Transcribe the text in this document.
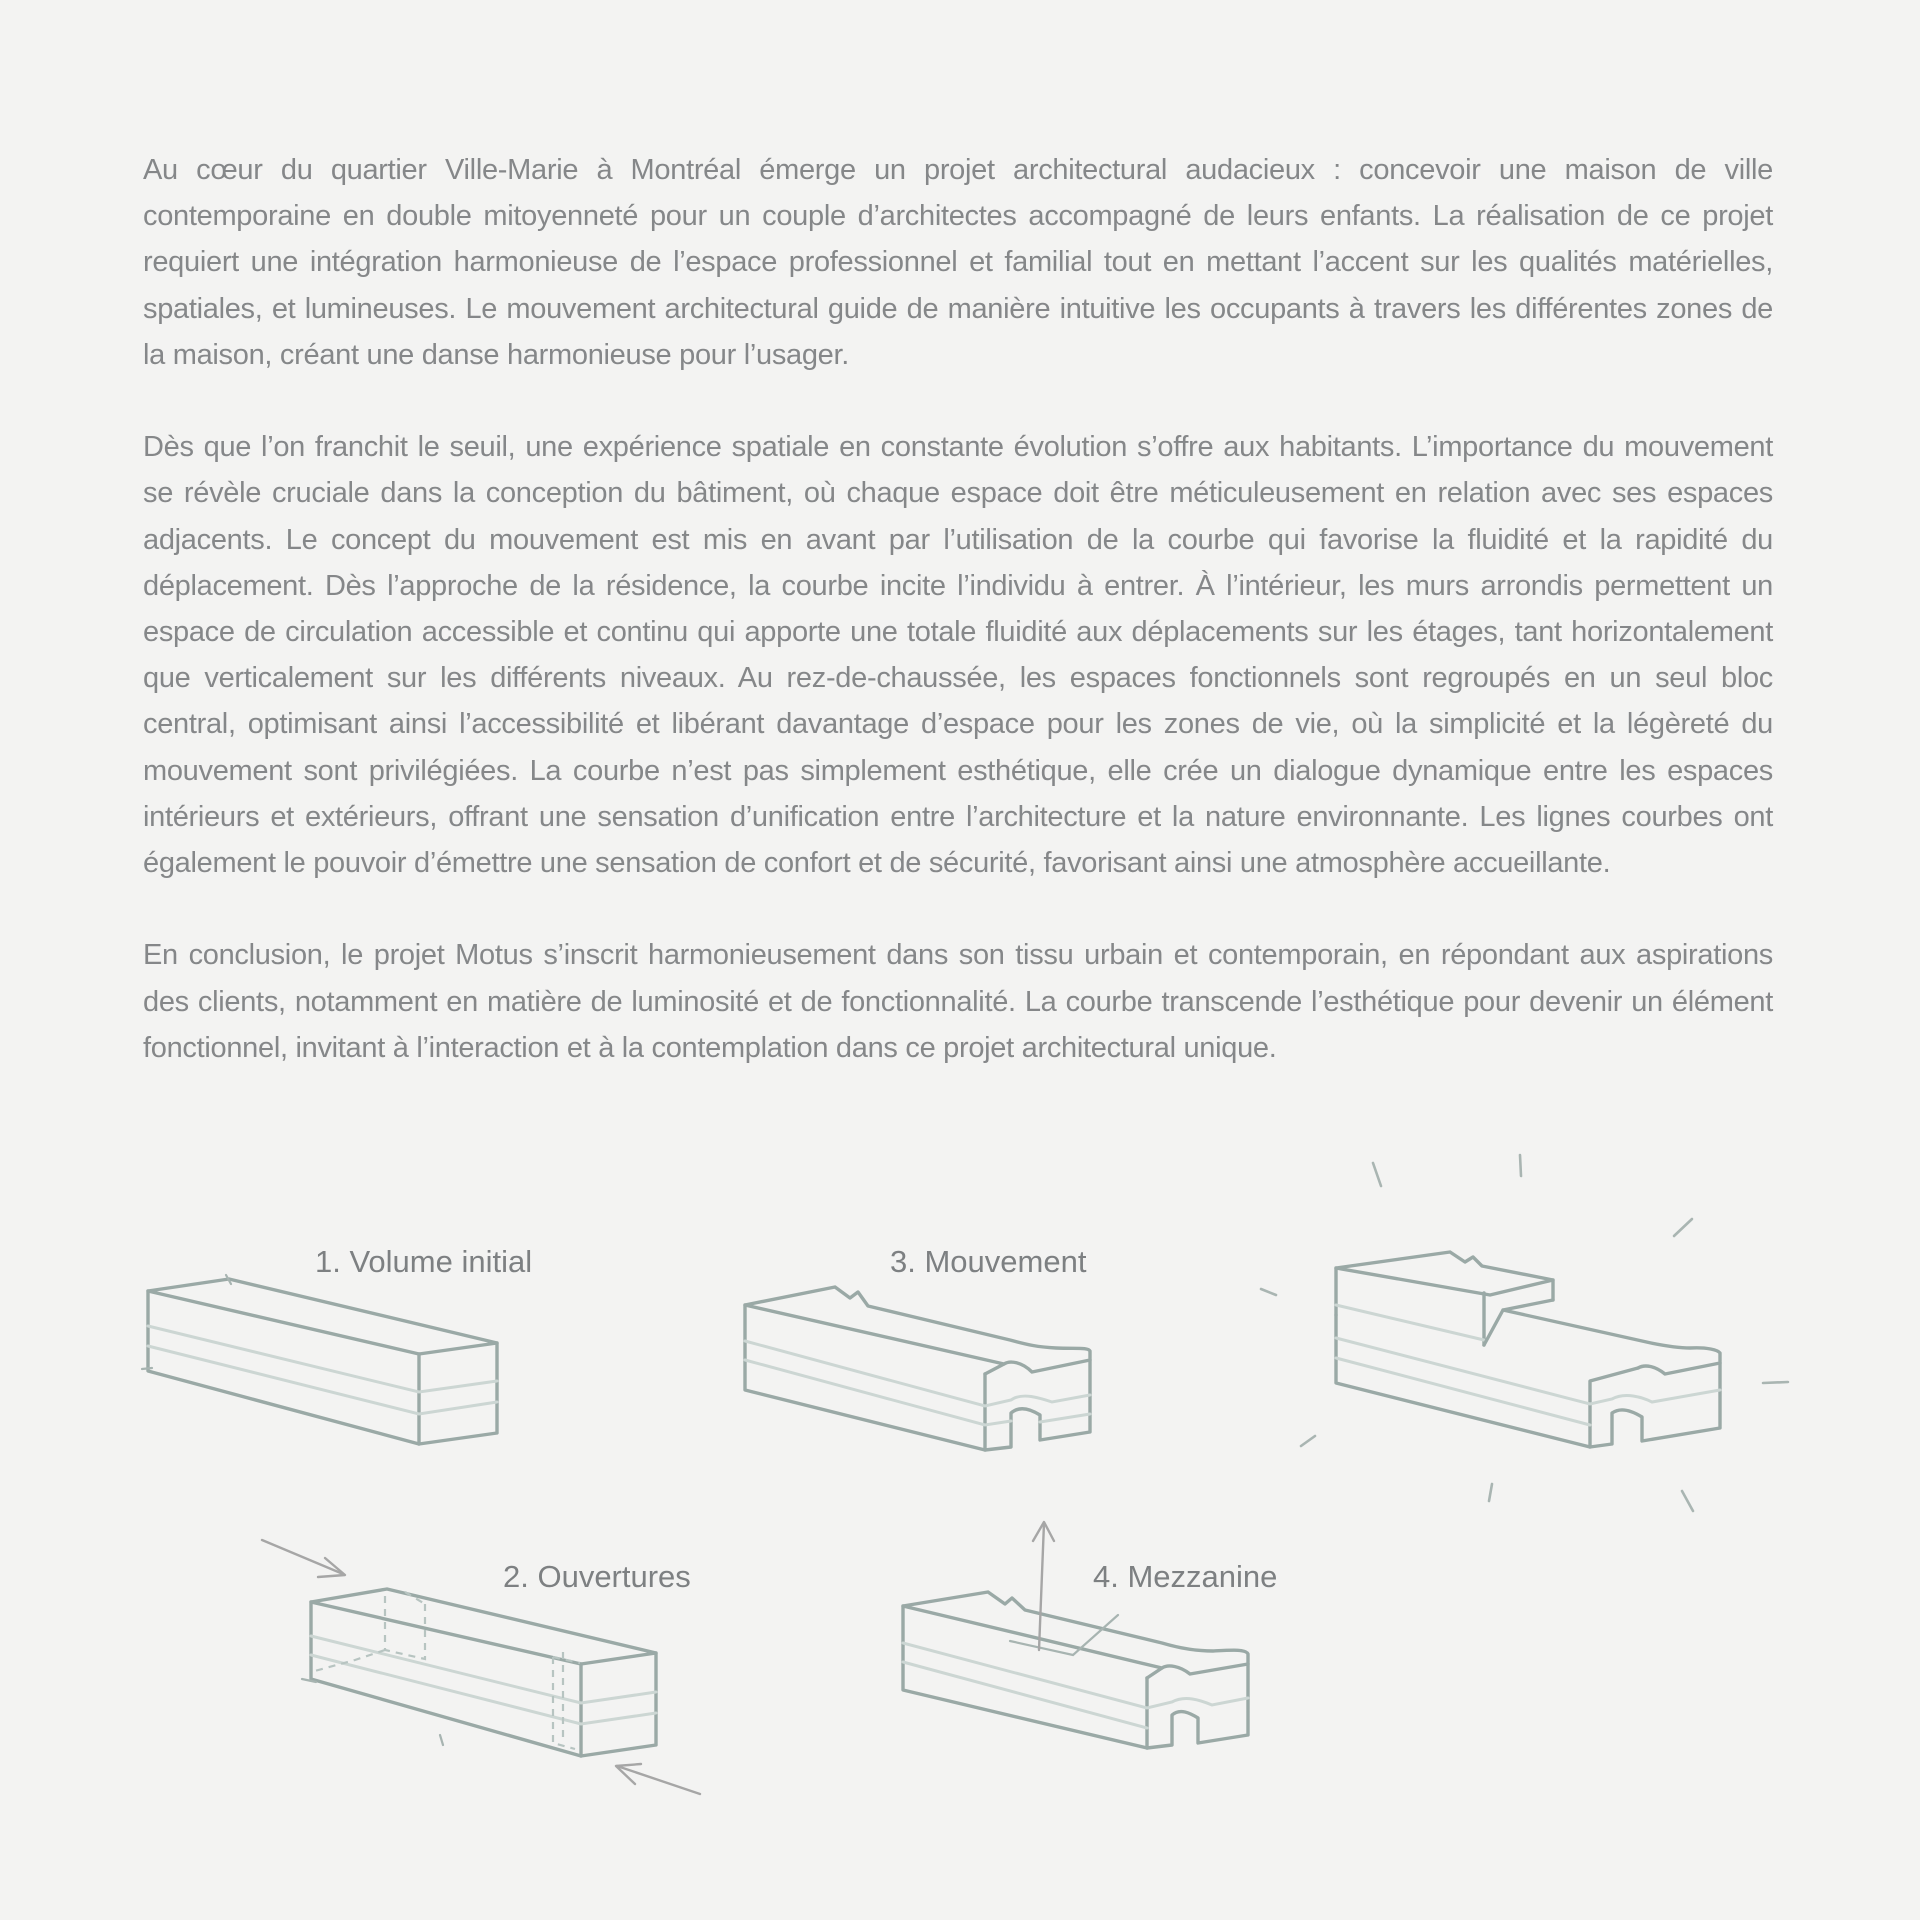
Au cœur du quartier Ville-Marie à Montréal émerge un projet architectural audacieux : concevoir une maison de ville contemporaine en double mitoyenneté pour un couple d’architectes accompagné de leurs enfants. La réalisation de ce projet requiert une intégration harmonieuse de l’espace professionnel et familial tout en mettant l’accent sur les qualités matérielles, spatiales, et lumineuses. Le mouvement architectural guide de manière intuitive les occupants à travers les différentes zones de la maison, créant une danse harmonieuse pour l’usager.

Dès que l’on franchit le seuil, une expérience spatiale en constante évolution s’offre aux habitants. L’importance du mouvement se révèle cruciale dans la conception du bâtiment, où chaque espace doit être méticuleusement en relation avec ses espaces adjacents. Le concept du mouvement est mis en avant par l’utilisation de la courbe qui favorise la fluidité et la rapidité du déplacement. Dès l’approche de la résidence, la courbe incite l’individu à entrer. À l’intérieur, les murs arrondis permettent un espace de circulation accessible et continu qui apporte une totale fluidité aux déplacements sur les étages, tant horizontalement que verticalement sur les différents niveaux. Au rez-de-chaussée, les espaces fonctionnels sont regroupés en un seul bloc central, optimisant ainsi l’accessibilité et libérant davantage d’espace pour les zones de vie, où la simplicité et la légèreté du mouvement sont privilégiées. La courbe n’est pas simplement esthétique, elle crée un dialogue dynamique entre les espaces intérieurs et extérieurs, offrant une sensation d’unification entre l’architecture et la nature environnante. Les lignes courbes ont également le pouvoir d’émettre une sensation de confort et de sécurité, favorisant ainsi une atmosphère accueillante.

En conclusion, le projet Motus s’inscrit harmonieusement dans son tissu urbain et contemporain, en répondant aux aspirations des clients, notamment en matière de luminosité et de fonctionnalité. La courbe transcende l’esthétique pour devenir un élément fonctionnel, invitant à l’interaction et à la contemplation dans ce projet architectural unique.

1. Volume initial
2. Ouvertures
3. Mouvement
4. Mezzanine
